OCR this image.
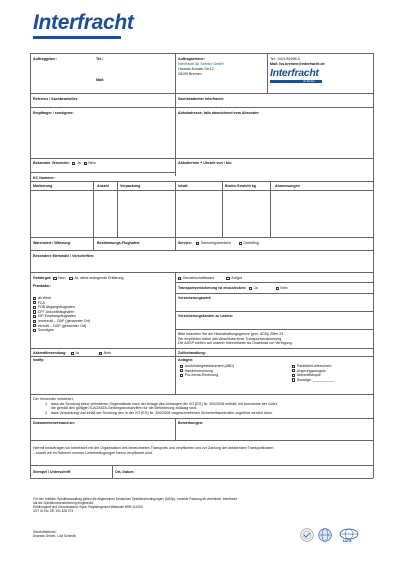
Interfracht
Auftraggeber:	Tel.:
Mail:
Auftragnehmer:
Interfracht Air Service GmbH
Hannah-Kunath-Str.12
28199 Bremen
Tel.: 0421/52996-0
Mail: iss.bremen@interfracht.de
Interfracht
Air Service
Referenz / Sachbearbeiter:	Sachbearbeiter Interfracht:
Empfänger / consignee:	Abholadresse, falls abweichend vom Absender:
Bekannter Versender: Ja Nein	Abholtermin + Uhrzeit von / bis:
KC Nummer:
Markierung	Anzahl	Verpackung	Inhalt	Brutto Gewicht kg	Abmessungen
Warenwert / Währung:	Bestimmungs-Flughafen:	Service: Sammelgutverkehr	Direktflug
Besondere Merkmale / Vorschriften:
Gefahrgut: Nein Ja, siehe anliegende Erklärung	Gemeinschaftsware	Zollgut
Frankatur:
ab Werk
FCA
FOB Abgangsflughafen
CPT Ankunftsflughafen
CIP Empfangsflughafen
unverzollt – DAP (genannter Ort)
verzollt – DDP (genannter Ort)
Sonstiges:
Transportversicherung ist einzudecken: Ja	Nein
Versicherungswert:
Versicherungskosten zu Lasten:
Bitte beachten Sie die Höchsthaftungsgrenze gem. ADSp Ziffer 23.
Wir empfehlen daher den Abschluss einer Transportversicherung.
Die ADSP stehen auf unserer Internetseite als Download zur Verfügung.
Akkreditivsendung: Ja	Nein	Zollbehandlung:
Notify:	Anlagen:
Ausfuhrbegleitdokument (ABD)
Handelsrechnung
Pro-forma-Rechnung
Packliste/Lieferschein
Ursprungszeugnis
Akkreditivkopie
Sonstige: ___________
Der Versender versichert,
1. dass die Sendung keine verbotenen Gegenstände nach der Anlage des Anhanges der VO (EG) Nr. 300/2008 enthält, mit Ausnahme der Güter,
die gemäß den gültigen ICAO/IATA-Gefahrgutvorschriften für die Beförderung zulässig sind.
2. dass Verpackung und Inhalt der Sendung den in der VO (EG) Nr. 300/2008 vorgeschriebenen Sicherheitskontrollen zugeführt werden kann.
Dokumentenversand an:	Bemerkungen:
Hiermit beauftragen wir Interfracht mit der Organisation des bezeichneten Transports und verpflichten uns zur Zahlung der anfallenden Transportkosten
– soweit wir im Rahmen unserer Lieferbedingungen hierzu verpflichtet sind.
Stempel / Unterschrift	Ort, Datum
Für den erteilten Speditionsauftrag gelten die Allgemeinen Deutschen Spediteurbedingungen (ADSp), neueste Fassung ab vereinbart. Interfracht
hat die Speditionsversicherung eingedeckt.
Erfüllungsort und Gerichtsstand: Syke; Registergericht Walsrode HRB 111300
UST ID No. DE 191 428 274
Geschäftsführer:
Andreas Grimm, Lutz Schmidt
IATA
